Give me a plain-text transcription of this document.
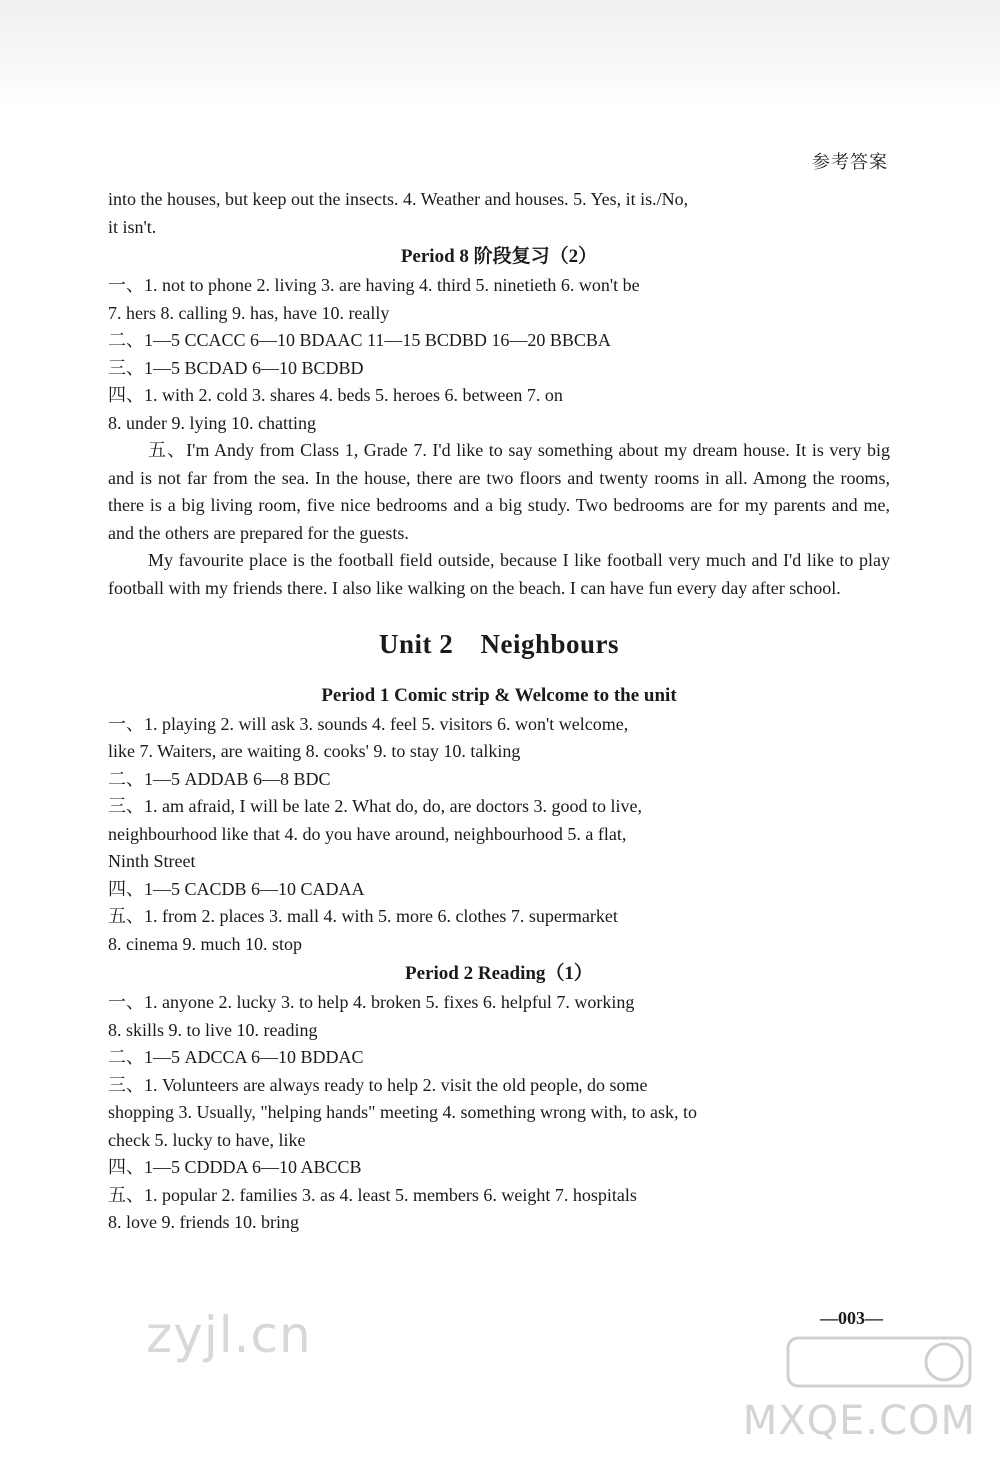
参考答案
into the houses, but keep out the insects. 4. Weather and houses. 5. Yes, it is./No,
it isn't.
Period 8 阶段复习（2）
一、1. not to phone 2. living 3. are having 4. third 5. ninetieth 6. won't be
7. hers 8. calling 9. has, have 10. really
二、1—5 CCACC 6—10 BDAAC 11—15 BCDBD 16—20 BBCBA
三、1—5 BCDAD 6—10 BCDBD
四、1. with 2. cold 3. shares 4. beds 5. heroes 6. between 7. on
8. under 9. lying 10. chatting
五、I'm Andy from Class 1, Grade 7. I'd like to say something about my dream house. It is very big and is not far from the sea. In the house, there are two floors and twenty rooms in all. Among the rooms, there is a big living room, five nice bedrooms and a big study. Two bedrooms are for my parents and me, and the others are prepared for the guests.
My favourite place is the football field outside, because I like football very much and I'd like to play football with my friends there. I also like walking on the beach. I can have fun every day after school.
Unit 2 Neighbours
Period 1 Comic strip & Welcome to the unit
一、1. playing 2. will ask 3. sounds 4. feel 5. visitors 6. won't welcome,
like 7. Waiters, are waiting 8. cooks' 9. to stay 10. talking
二、1—5 ADDAB 6—8 BDC
三、1. am afraid, I will be late 2. What do, do, are doctors 3. good to live,
neighbourhood like that 4. do you have around, neighbourhood 5. a flat,
Ninth Street
四、1—5 CACDB 6—10 CADAA
五、1. from 2. places 3. mall 4. with 5. more 6. clothes 7. supermarket
8. cinema 9. much 10. stop
Period 2 Reading（1）
一、1. anyone 2. lucky 3. to help 4. broken 5. fixes 6. helpful 7. working
8. skills 9. to live 10. reading
二、1—5 ADCCA 6—10 BDDAC
三、1. Volunteers are always ready to help 2. visit the old people, do some
shopping 3. Usually, "helping hands" meeting 4. something wrong with, to ask, to
check 5. lucky to have, like
四、1—5 CDDDA 6—10 ABCCB
五、1. popular 2. families 3. as 4. least 5. members 6. weight 7. hospitals
8. love 9. friends 10. bring
—003—
zyjl.cn
MXQE.COM
